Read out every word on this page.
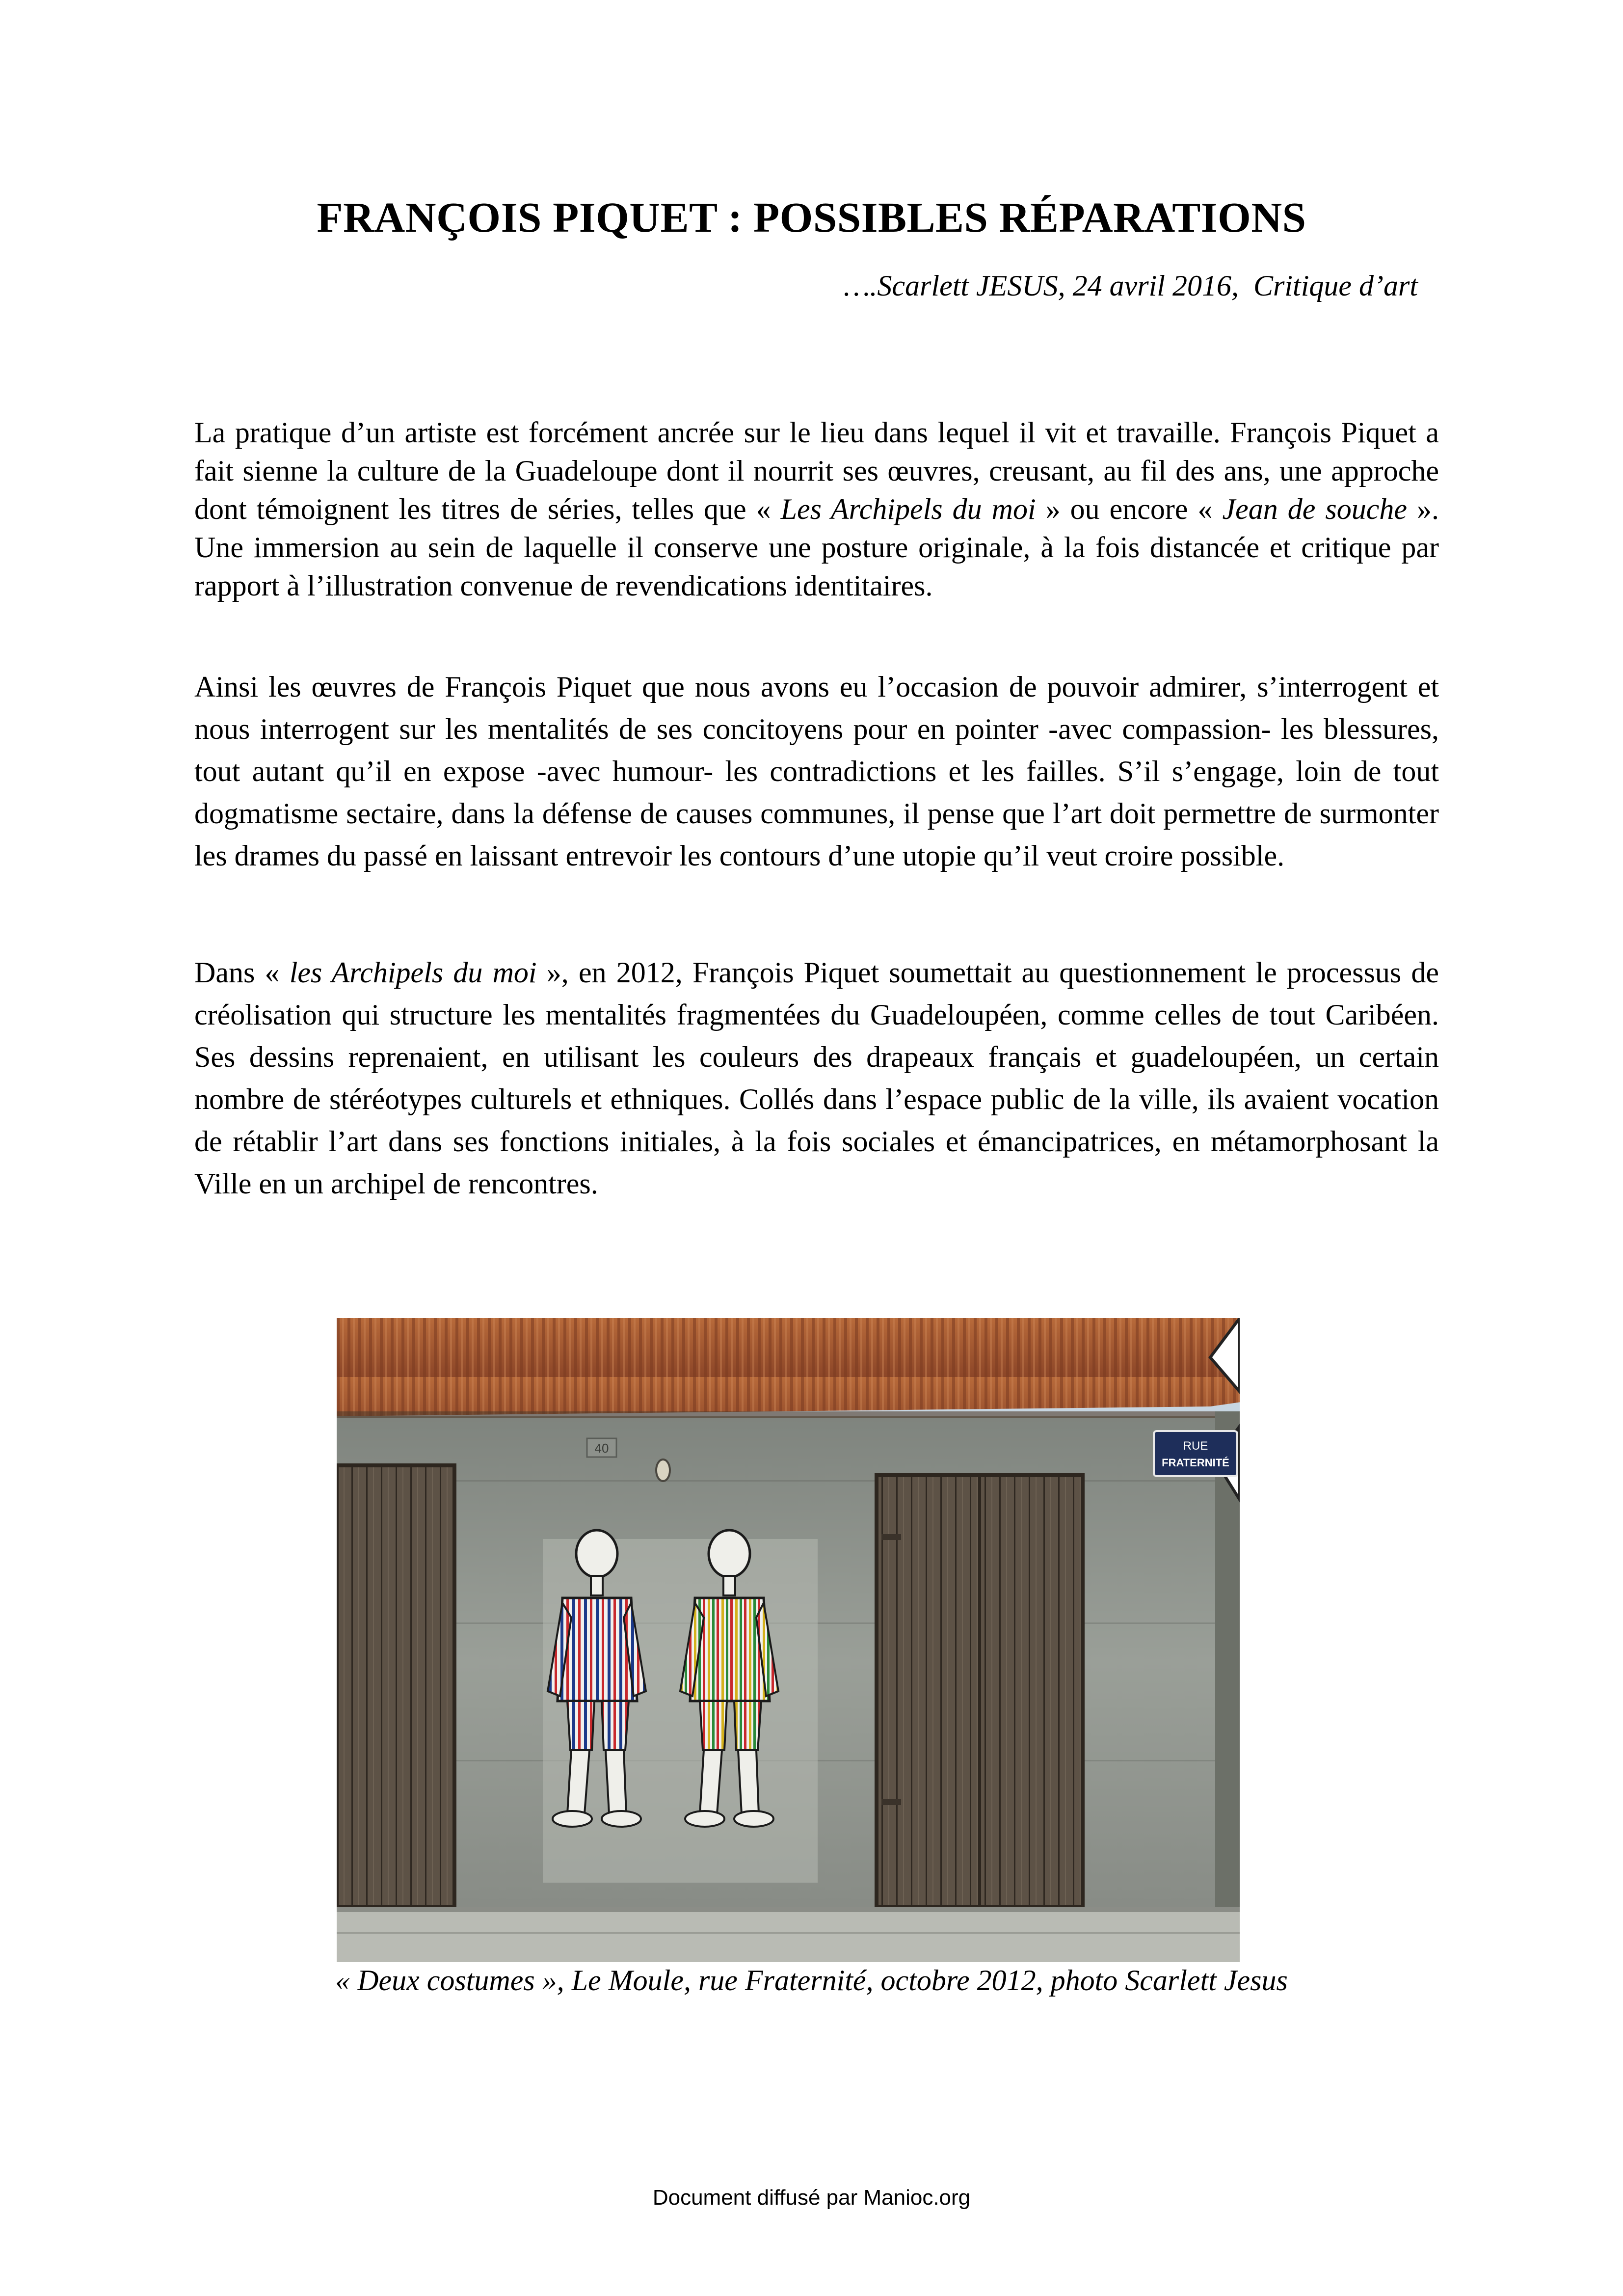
FRANÇOIS PIQUET : POSSIBLES RÉPARATIONS
….Scarlett JESUS, 24 avril 2016,  Critique d’art

La pratique d’un artiste est forcément ancrée sur le lieu dans lequel il vit et travaille. François Piquet a fait sienne la culture de la Guadeloupe dont il nourrit ses œuvres, creusant, au fil des ans, une approche dont témoignent les titres de séries, telles que « Les Archipels du moi » ou encore « Jean de souche ». Une immersion au sein de laquelle il conserve une posture originale, à la fois distancée et critique par rapport à l’illustration convenue de revendications identitaires.

Ainsi les œuvres de François Piquet que nous avons eu l’occasion de pouvoir admirer, s’interrogent et nous interrogent sur les mentalités de ses concitoyens pour en pointer -avec compassion- les blessures, tout autant qu’il en expose -avec humour- les contradictions et les failles. S’il s’engage, loin de tout dogmatisme sectaire, dans la défense de causes communes, il pense que l’art doit permettre de surmonter les drames du passé en laissant entrevoir les contours d’une utopie qu’il veut croire possible.

Dans « les Archipels du moi », en 2012, François Piquet soumettait au questionnement le processus de créolisation qui structure les mentalités fragmentées du Guadeloupéen, comme celles de tout Caribéen. Ses dessins reprenaient, en utilisant les couleurs des drapeaux français et guadeloupéen, un certain nombre de stéréotypes culturels et ethniques. Collés dans l’espace public de la ville, ils avaient vocation de rétablir l’art dans ses fonctions initiales, à la fois sociales et émancipatrices, en métamorphosant la Ville en un archipel de rencontres.

40	RUE
FRATERNITÉ
« Deux costumes », Le Moule, rue Fraternité, octobre 2012, photo Scarlett Jesus
Document diffusé par Manioc.org
